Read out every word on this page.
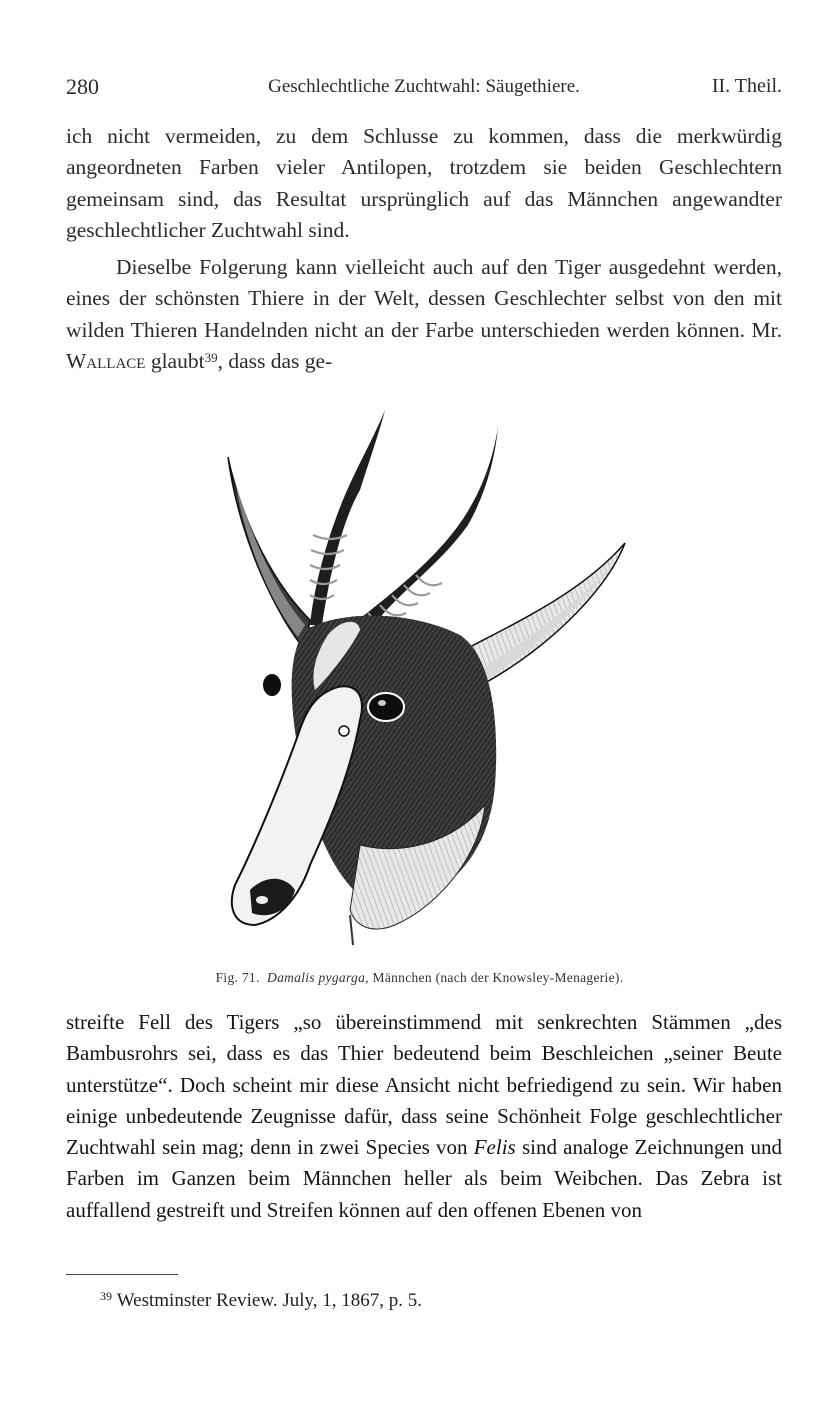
280	Geschlechtliche Zuchtwahl: Säugethiere.	II. Theil.

ich nicht vermeiden, zu dem Schlusse zu kommen, dass die merkwürdig angeordneten Farben vieler Antilopen, trotzdem sie beiden Geschlechtern gemeinsam sind, das Resultat ursprünglich auf das Männchen angewandter geschlechtlicher Zuchtwahl sind.

Dieselbe Folgerung kann vielleicht auch auf den Tiger ausgedehnt werden, eines der schönsten Thiere in der Welt, dessen Geschlechter selbst von den mit wilden Thieren Handelnden nicht an der Farbe unterschieden werden können. Mr. Wallace glaubt$^{39}$, dass das ge-

Fig. 71. Damalis pygarga, Männchen (nach der Knowsley-Menagerie).

streifte Fell des Tigers „so übereinstimmend mit senkrechten Stämmen „des Bambusrohrs sei, dass es das Thier bedeutend beim Beschleichen „seiner Beute unterstütze“. Doch scheint mir diese Ansicht nicht befriedigend zu sein. Wir haben einige unbedeutende Zeugnisse dafür, dass seine Schönheit Folge geschlechtlicher Zuchtwahl sein mag; denn in zwei Species von Felis sind analoge Zeichnungen und Farben im Ganzen beim Männchen heller als beim Weibchen. Das Zebra ist auffallend gestreift und Streifen können auf den offenen Ebenen von

$^{39}$ Westminster Review. July, 1, 1867, p. 5.
